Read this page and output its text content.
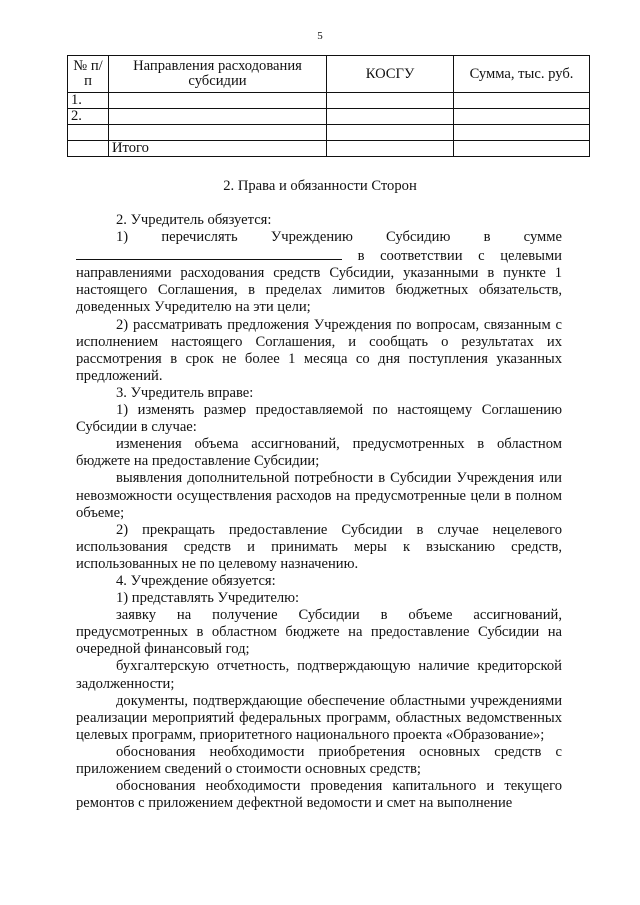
5
№ п/п	Направления расходования субсидии	КОСГУ	Сумма, тыс. руб.
1.			
2.			

	Итого		
2. Права и обязанности Сторон

2. Учредитель обязуется:

1) перечислять Учреждению Субсидию в сумме

в соответствии с целевыми

направлениями расходования средств Субсидии, указанными в пункте 1 настоящего Соглашения, в пределах лимитов бюджетных обязательств, доведенных Учредителю на эти цели;

2) рассматривать предложения Учреждения по вопросам, связанным с исполнением настоящего Соглашения, и сообщать о результатах их рассмотрения в срок не более 1 месяца со дня поступления указанных предложений.

3. Учредитель вправе:

1) изменять размер предоставляемой по настоящему Соглашению Субсидии в случае:

изменения объема ассигнований, предусмотренных в областном бюджете на предоставление Субсидии;

выявления дополнительной потребности в Субсидии Учреждения или невозможности осуществления расходов на предусмотренные цели в полном объеме;

2) прекращать предоставление Субсидии в случае нецелевого использования средств и принимать меры к взысканию средств, использованных не по целевому назначению.

4. Учреждение обязуется:

1) представлять Учредителю:

заявку на получение Субсидии в объеме ассигнований, предусмотренных в областном бюджете на предоставление Субсидии на очередной финансовый год;

бухгалтерскую отчетность, подтверждающую наличие кредиторской задолженности;

документы, подтверждающие обеспечение областными учреждениями реализации мероприятий федеральных программ, областных ведомственных целевых программ, приоритетного национального проекта «Образование»;

обоснования необходимости приобретения основных средств с приложением сведений о стоимости основных средств;

обоснования необходимости проведения капитального и текущего ремонтов с приложением дефектной ведомости и смет на выполнение
